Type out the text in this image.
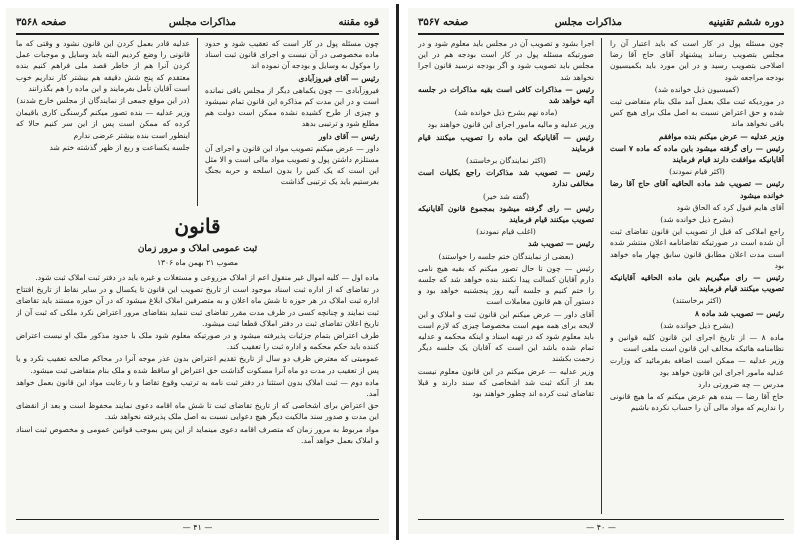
قوه مقننه
مذاکرات مجلس
صفحه ۳۵۶۸

چون مسئله پول در کار است که تعقیب شود و حدود ماده مخصوصی در آن نیست و اجرای قانون ثبت اسناد را موکول به وسایل و بودجه آن نموده اند

رئیس — آقای فیروزآبادی

فیروزآبادی — چون یکماهی دیگر از مجلس باقی نمانده است و در این مدت کم مذاکره این قانون تمام نمیشود و چیزی از طرح کشیده نشده ممکن است دولت هم مطلع شود و ترتیبی بدهد

رئیس — آقای داور

داور — عرض میکنم تصویب مواد این قانون و اجرای آن مستلزم داشتن پول و تصویب مواد مالی است و الا مثل این است که یک کس را بدون اسلحه و حربه بجنگ بفرستیم باید یک ترتیبی گذاشت

عدلیه قادر بعمل کردن این قانون نشود و وقتی که ما قانونی را وضع کردیم البته باید وسایل و موجبات عمل کردن آنرا هم از خاطر قصد ملی فراهم کنیم بنده معتقدم که پنج شش دقیقه هم بیشتر کار نداریم خوب است آقایان تأمل بفرمایند و این ماده را هم بگذرانند

(در این موقع جمعی از نمایندگان از مجلس خارج شدند)

وزیر عدلیه — بنده تصور میکنم گرسنگی کاری باقیمان کرده که ممکن است پس از این سر کنیم حالا که اینطور است بنده بیشتر عرضی ندارم

جلسه یکساعت و ربع از ظهر گذشته ختم شد

قانون
ثبت عمومی املاک و مرور زمان
مصوب ۲۱ بهمن ماه ۱۳۰۶

ماده اول — کلیه اموال غیر منقول اعم از املاک مزروعی و مستغلات و غیره باید در دفتر ثبت املاک ثبت شود.

در تقاضای که از اداره ثبت اسناد موجود است از تاریخ تصویب این قانون تا یکسال و در سایر نقاط از تاریخ افتتاح اداره ثبت املاک در هر حوزه تا شش ماه اعلان و به متصرفین املاک ابلاغ میشود که در آن حوزه مستند باید تقاضای ثبت نمایند و چنانچه کسی در ظرف مدت مقرر تقاضای ثبت ننماید بتقاضای مرور اعتراض نکرد ملکی که ثبت آن از تاریخ اعلان تقاضای ثبت در دفتر املاک قطعا ثبت میشود.

طرف اعتراض بتمام جزئیات پذیرفته میشود و در صورتیکه معلوم شود ملک با حدود مذکور ملک او نیست اعتراض کننده باید حکم محکمه و اداره ثبت را تعقیب کند.

عمومیتی که معترض ظرف دو سال از تاریخ تقدیم اعتراض بدون عذر موجه آنرا در محاکم صالحه تعقیب نکرد و یا پس از تعقیب در مدت دو ماه آنرا مسکوت گذاشت حق اعتراض او ساقط شده و ملک بنام متقاضی ثبت میشود.

ماده دوم — ثبت املاک بدون استثنا در دفتر ثبت نامه به ترتیب وقوع تقاضا و با رعایت مواد این قانون بعمل خواهد آمد.

حق اعتراض برای اشخاصی که از تاریخ تقاضای ثبت تا شش ماه اقامه دعوی نمایند محفوظ است و بعد از انقضای این مدت و صدور سند مالکیت دیگر هیچ دعوایی نسبت به اصل ملک پذیرفته نخواهد شد.

مواد مربوط به مرور زمان که متصرف اقامه دعوی مینماید از این پس بموجب قوانین عمومی و مخصوص ثبت اسناد و املاک بعمل خواهد آمد.

— ۴۱ —
دوره ششم تقنینیه
مذاکرات مجلس
صفحه ۳۵۶۷

چون مسئله پول در کار است که باید اعتبار آن را مجلس بتصویب رساند پیشنهاد آقای حاج آقا رضا اصلاحی بتصویب رسید و در این مورد باید بکمیسیون بودجه مراجعه شود

(کمیسیون ذیل خوانده شد)

در موردیکه ثبت ملک بعمل آمد ملک بنام متقاضی ثبت شده و حق اعتراض نسبت به اصل ملک برای هیچ کس باقی نخواهد ماند

وزیر عدلیه — عرض میکنم بنده موافقم

رئیس — رای گرفته میشود باین ماده که ماده ۷ است آقایانیکه موافقت دارند قیام فرمایند

(اکثر قیام نمودند)

رئیس — تصویب شد ماده الحاقیه آقای حاج آقا رضا خوانده میشود

آقای هایم قبول کرد که الحاق شود

(بشرح ذیل خوانده شد)

راجع املاکی که قبل از تصویب این قانون تقاضای ثبت آن شده است در صورتیکه تقاضانامه اعلان منتشر شده است مدت اعلان مطابق قانون سابق چهار ماه خواهد بود

رئیس — رای میگیریم باین ماده الحاقیه آقایانیکه تصویب میکنند قیام فرمایند

(اکثر برخاستند)

رئیس — تصویب شد ماده ۸

(بشرح ذیل خوانده شد)

ماده ۸ — از تاریخ اجرای این قانون کلیه قوانین و نظامنامه هائیکه مخالف این قانون است ملغی است

وزیر عدلیه — ممکن است اضافه بفرمائید که وزارت عدلیه مامور اجرای این قانون خواهد بود

مدرس — چه ضرورتی دارد

حاج آقا رضا — بنده هم عرض میکنم که ما هیچ قانونی را نداریم که مواد مالی آن را حساب نکرده باشیم

اجرا بشود و تصویب آن در مجلس باید معلوم شود و در صورتیکه مسئله پول در کار است بودجه هم در این مجلس باید تصویب شود و اگر بودجه نرسید قانون اجرا نخواهد شد

رئیس — مذاکرات کافی است بقیه مذاکرات در جلسه آتیه خواهد شد

(ماده نهم بشرح ذیل خوانده شد)

وزیر عدلیه و مالیه مامور اجرای این قانون خواهند بود

رئیس — آقایانیکه این ماده را تصویب میکنند قیام فرمایند

(اکثر نمایندگان برخاستند)

رئیس — تصویب شد مذاکرات راجع بکلیات است مخالفی ندارد

(گفته شد خیر)

رئیس — رای گرفته میشود بمجموع قانون آقایانیکه تصویب میکنند قیام فرمایند

(اغلب قیام نمودند)

رئیس — تصویب شد

(بعضی از نمایندگان ختم جلسه را خواستند)

رئیس — چون تا حال تصور میکنم که بقیه هیچ نامی دارم آقایان کسالت پیدا نکنند بنده خواهد شد که جلسه را ختم کنیم و جلسه آتیه روز پنجشنبه خواهد بود و دستور آن هم قانون معاملات است

آقای داور — عرض میکنم این قانون ثبت و املاک و این لایحه برای همه مهم است مخصوصا چیزی که لازم است باید معلوم شود که در تهیه اسناد و اینکه محکمه و عدلیه تمام شده باشد این است که آقایان یک جلسه دیگر زحمت بکشند

وزیر عدلیه — عرض میکنم در این قانون معلوم نیست بعد از آنکه ثبت شد اشخاصی که سند دارند و قبلا تقاضای ثبت کرده اند چطور خواهند بود

— ۴۰ —
